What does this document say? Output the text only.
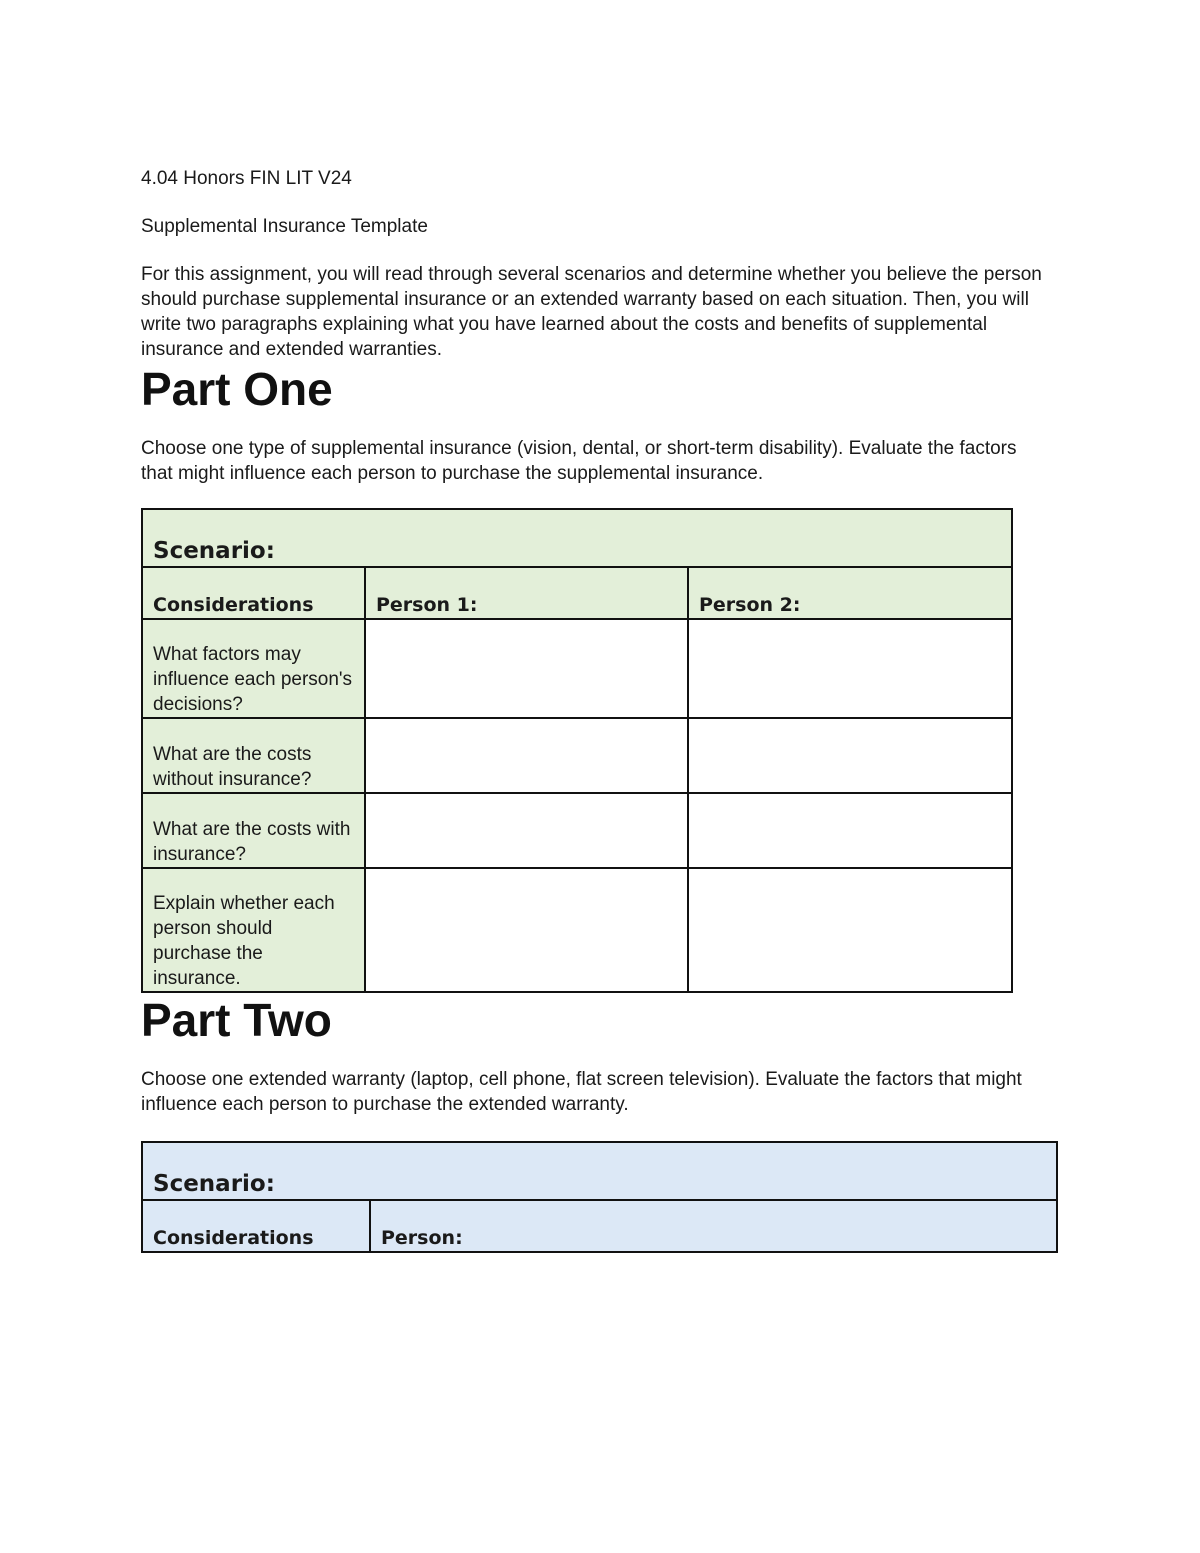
4.04 Honors FIN LIT V24

Supplemental Insurance Template

For this assignment, you will read through several scenarios and determine whether you believe the person should purchase supplemental insurance or an extended warranty based on each situation. Then, you will write two paragraphs explaining what you have learned about the costs and benefits of supplemental insurance and extended warranties.

Part One

Choose one type of supplemental insurance (vision, dental, or short-term disability). Evaluate the factors that might influence each person to purchase the supplemental insurance.

Scenario:		
Considerations	Person 1:	Person 2:
What factors may influence each person's decisions?		
What are the costs without insurance?		
What are the costs with insurance?		
Explain whether each person should purchase the insurance.		
Part Two

Choose one extended warranty (laptop, cell phone, flat screen television). Evaluate the factors that might influence each person to purchase the extended warranty.

Scenario:
Considerations	Person:
